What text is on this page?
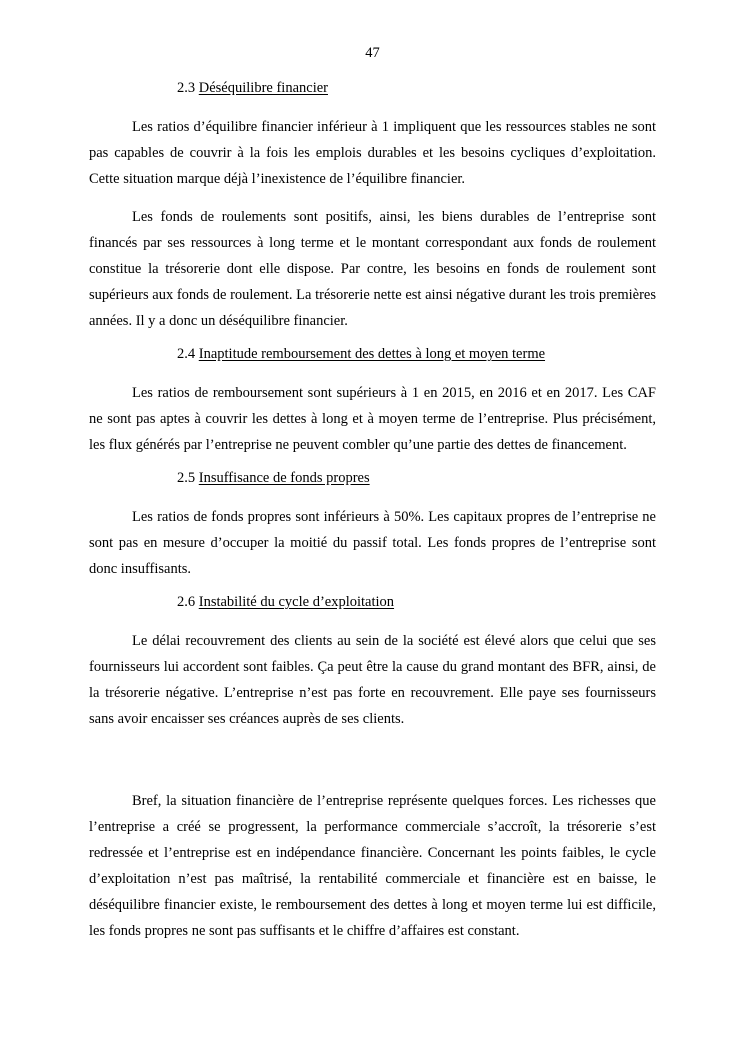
47

2.3 Déséquilibre financier

Les ratios d’équilibre financier inférieur à 1 impliquent que les ressources stables ne sont pas capables de couvrir à la fois les emplois durables et les besoins cycliques d’exploitation. Cette situation marque déjà l’inexistence de l’équilibre financier.

Les fonds de roulements sont positifs, ainsi, les biens durables de l’entreprise sont financés par ses ressources à long terme et le montant correspondant aux fonds de roulement constitue la trésorerie dont elle dispose. Par contre, les besoins en fonds de roulement sont supérieurs aux fonds de roulement. La trésorerie nette est ainsi négative durant les trois premières années. Il y a donc un déséquilibre financier.

2.4 Inaptitude remboursement des dettes à long et moyen terme

Les ratios de remboursement sont supérieurs à 1 en 2015, en 2016 et en 2017. Les CAF ne sont pas aptes à couvrir les dettes à long et à moyen terme de l’entreprise. Plus précisément, les flux générés par l’entreprise ne peuvent combler qu’une partie des dettes de financement.

2.5 Insuffisance de fonds propres

Les ratios de fonds propres sont inférieurs à 50%. Les capitaux propres de l’entreprise ne sont pas en mesure d’occuper la moitié du passif total. Les fonds propres de l’entreprise sont donc insuffisants.

2.6 Instabilité du cycle d’exploitation

Le délai recouvrement des clients au sein de la société est élevé alors que celui que ses fournisseurs lui accordent sont faibles. Ça peut être la cause du grand montant des BFR, ainsi, de la trésorerie négative. L’entreprise n’est pas forte en recouvrement. Elle paye ses fournisseurs sans avoir encaisser ses créances auprès de ses clients.

Bref, la situation financière de l’entreprise représente quelques forces. Les richesses que l’entreprise a créé se progressent, la performance commerciale s’accroît, la trésorerie s’est redressée et l’entreprise est en indépendance financière. Concernant les points faibles, le cycle d’exploitation n’est pas maîtrisé, la rentabilité commerciale et financière est en baisse, le déséquilibre financier existe, le remboursement des dettes à long et moyen terme lui est difficile, les fonds propres ne sont pas suffisants et le chiffre d’affaires est constant.
